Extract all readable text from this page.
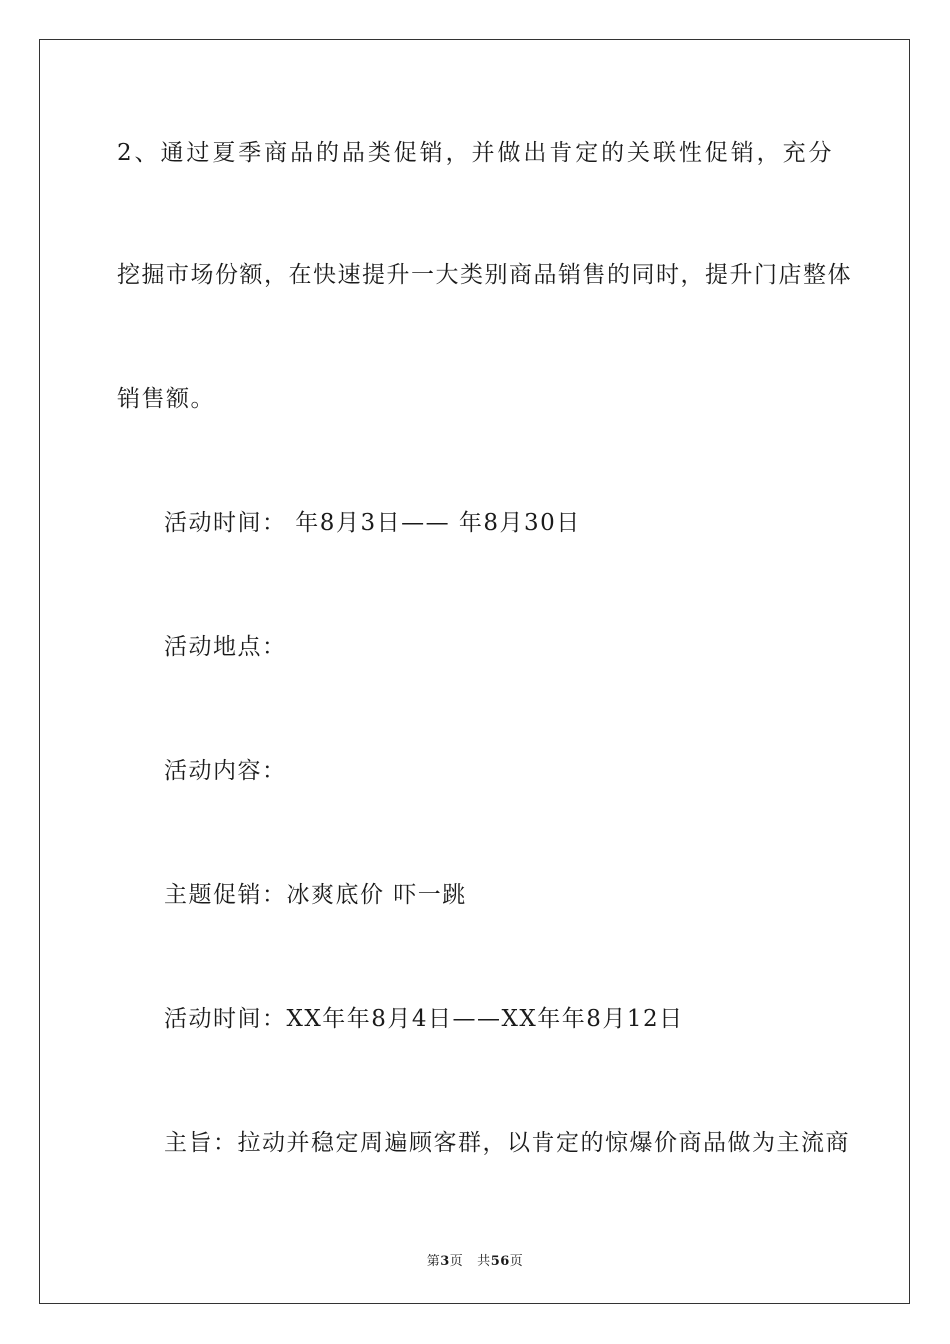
2、通过夏季商品的品类促销，并做出肯定的关联性促销，充分
挖掘市场份额，在快速提升一大类别商品销售的同时，提升门店整体
销售额。
活动时间： 年8月3日—— 年8月30日
活动地点：
活动内容：
主题促销：冰爽底价 吓一跳
活动时间：XX年年8月4日——XX年年8月12日
主旨：拉动并稳定周遍顾客群，以肯定的惊爆价商品做为主流商
第3页 共56页
